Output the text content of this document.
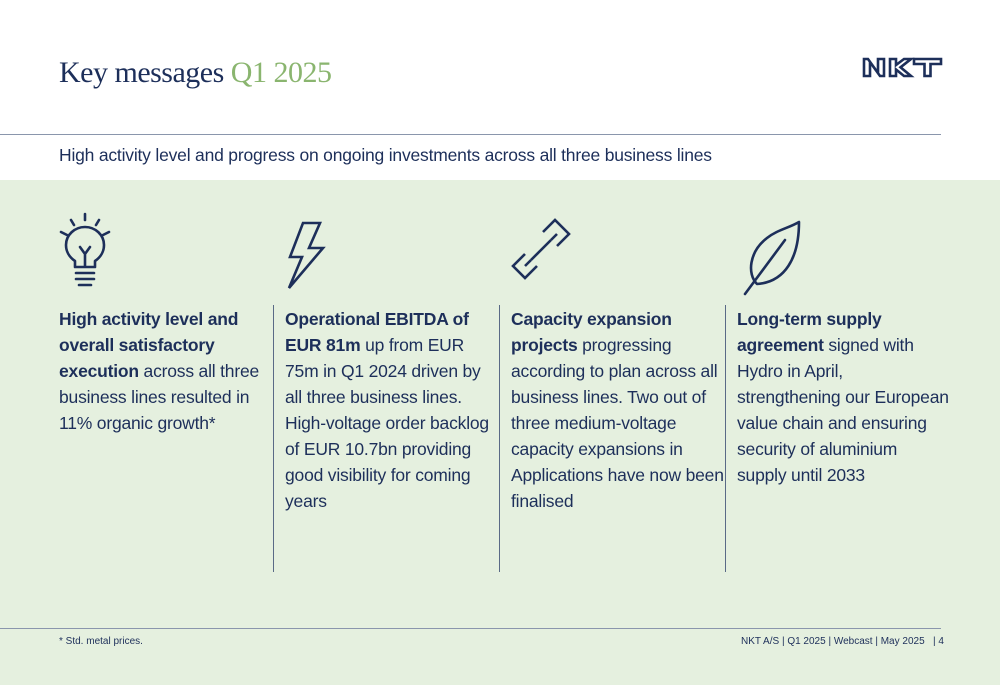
Key messages Q1 2025
High activity level and progress on ongoing investments across all three business lines

High activity level and overall satisfactory execution across all three business lines resulted in 11% organic growth*

Operational EBITDA of EUR 81m up from EUR 75m in Q1 2024 driven by all three business lines. High-voltage order backlog of EUR 10.7bn providing good visibility for coming years

Capacity expansion projects progressing according to plan across all business lines. Two out of three medium-voltage capacity expansions in Applications have now been finalised

Long-term supply agreement signed with Hydro in April, strengthening our European value chain and ensuring security of aluminium supply until 2033

* Std. metal prices.	NKT A/S | Q1 2025 | Webcast | May 2025   | 4
